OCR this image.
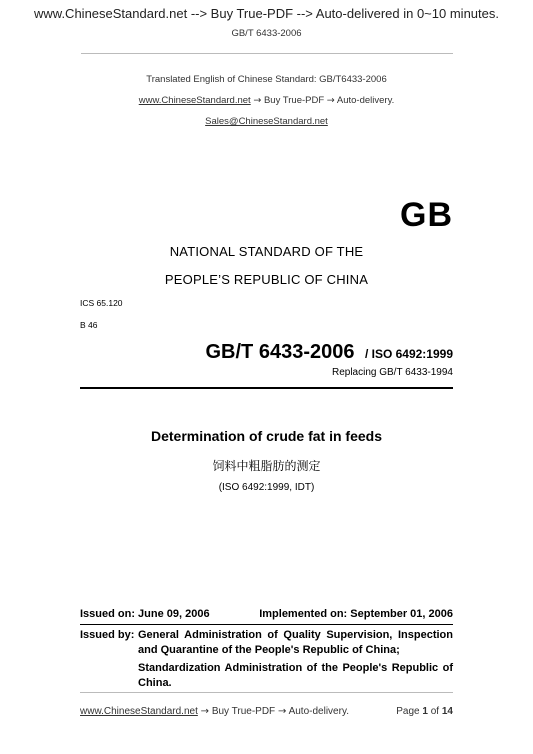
www.ChineseStandard.net --> Buy True-PDF --> Auto-delivered in 0~10 minutes.
GB/T 6433-2006
Translated English of Chinese Standard: GB/T6433-2006
www.ChineseStandard.net → Buy True-PDF → Auto-delivery.
Sales@ChineseStandard.net
GB
NATIONAL STANDARD OF THE
PEOPLE’S REPUBLIC OF CHINA
ICS 65.120
B 46
GB/T 6433-2006 / ISO 6492:1999
Replacing GB/T 6433-1994
Determination of crude fat in feeds
饲料中粗脂肪的测定
(ISO 6492:1999, IDT)
Issued on: June 09, 2006	Implemented on: September 01, 2006
Issued by: General Administration of Quality Supervision, Inspection and Quarantine of the People's Republic of China;
Standardization Administration of the People's Republic of China.
www.ChineseStandard.net → Buy True-PDF → Auto-delivery.	Page 1 of 14
